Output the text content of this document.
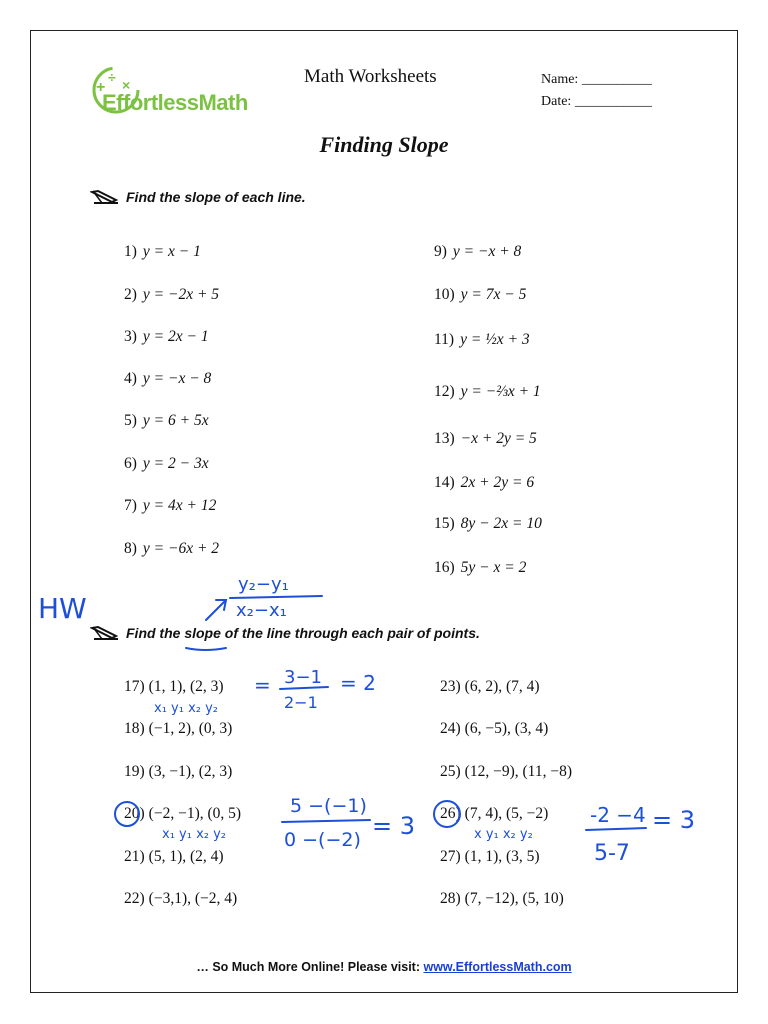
+
÷ ×
EffortlessMath
Math Worksheets	Name: __________
Date: ___________
Finding Slope
Find the slope of each line.
1) y = x − 1
2) y = −2x + 5
3) y = 2x − 1
4) y = −x − 8
5) y = 6 + 5x
6) y = 2 − 3x
7) y = 4x + 12
8) y = −6x + 2
9) y = −x + 8
10) y = 7x − 5
11) y = ½x + 3
12) y = −⅔x + 1
13) −x + 2y = 5
14) 2x + 2y = 6
15) 8y − 2x = 10
16) 5y − x = 2
Find the slope of the line through each pair of points.
17) (1, 1), (2, 3)
18) (−1, 2), (0, 3)
19) (3, −1), (2, 3)
20) (−2, −1), (0, 5)
21) (5, 1), (2, 4)
22) (−3,1), (−2, 4)
23) (6, 2), (7, 4)
24) (6, −5), (3, 4)
25) (12, −9), (11, −8)
26) (7, 4), (5, −2)
27) (1, 1), (3, 5)
28) (7, −12), (5, 10)
… So Much More Online! Please visit: www.EffortlessMath.com
HW
y₂−y₁
x₂−x₁
= 3−1
2−1
= 2
x₁ y₁ x₂ y₂
5 −(−1)
0 −(−2) = 3
x₁ y₁ x₂ y₂
-2 −4
5-7
= 3
x y₁ x₂ y₂
